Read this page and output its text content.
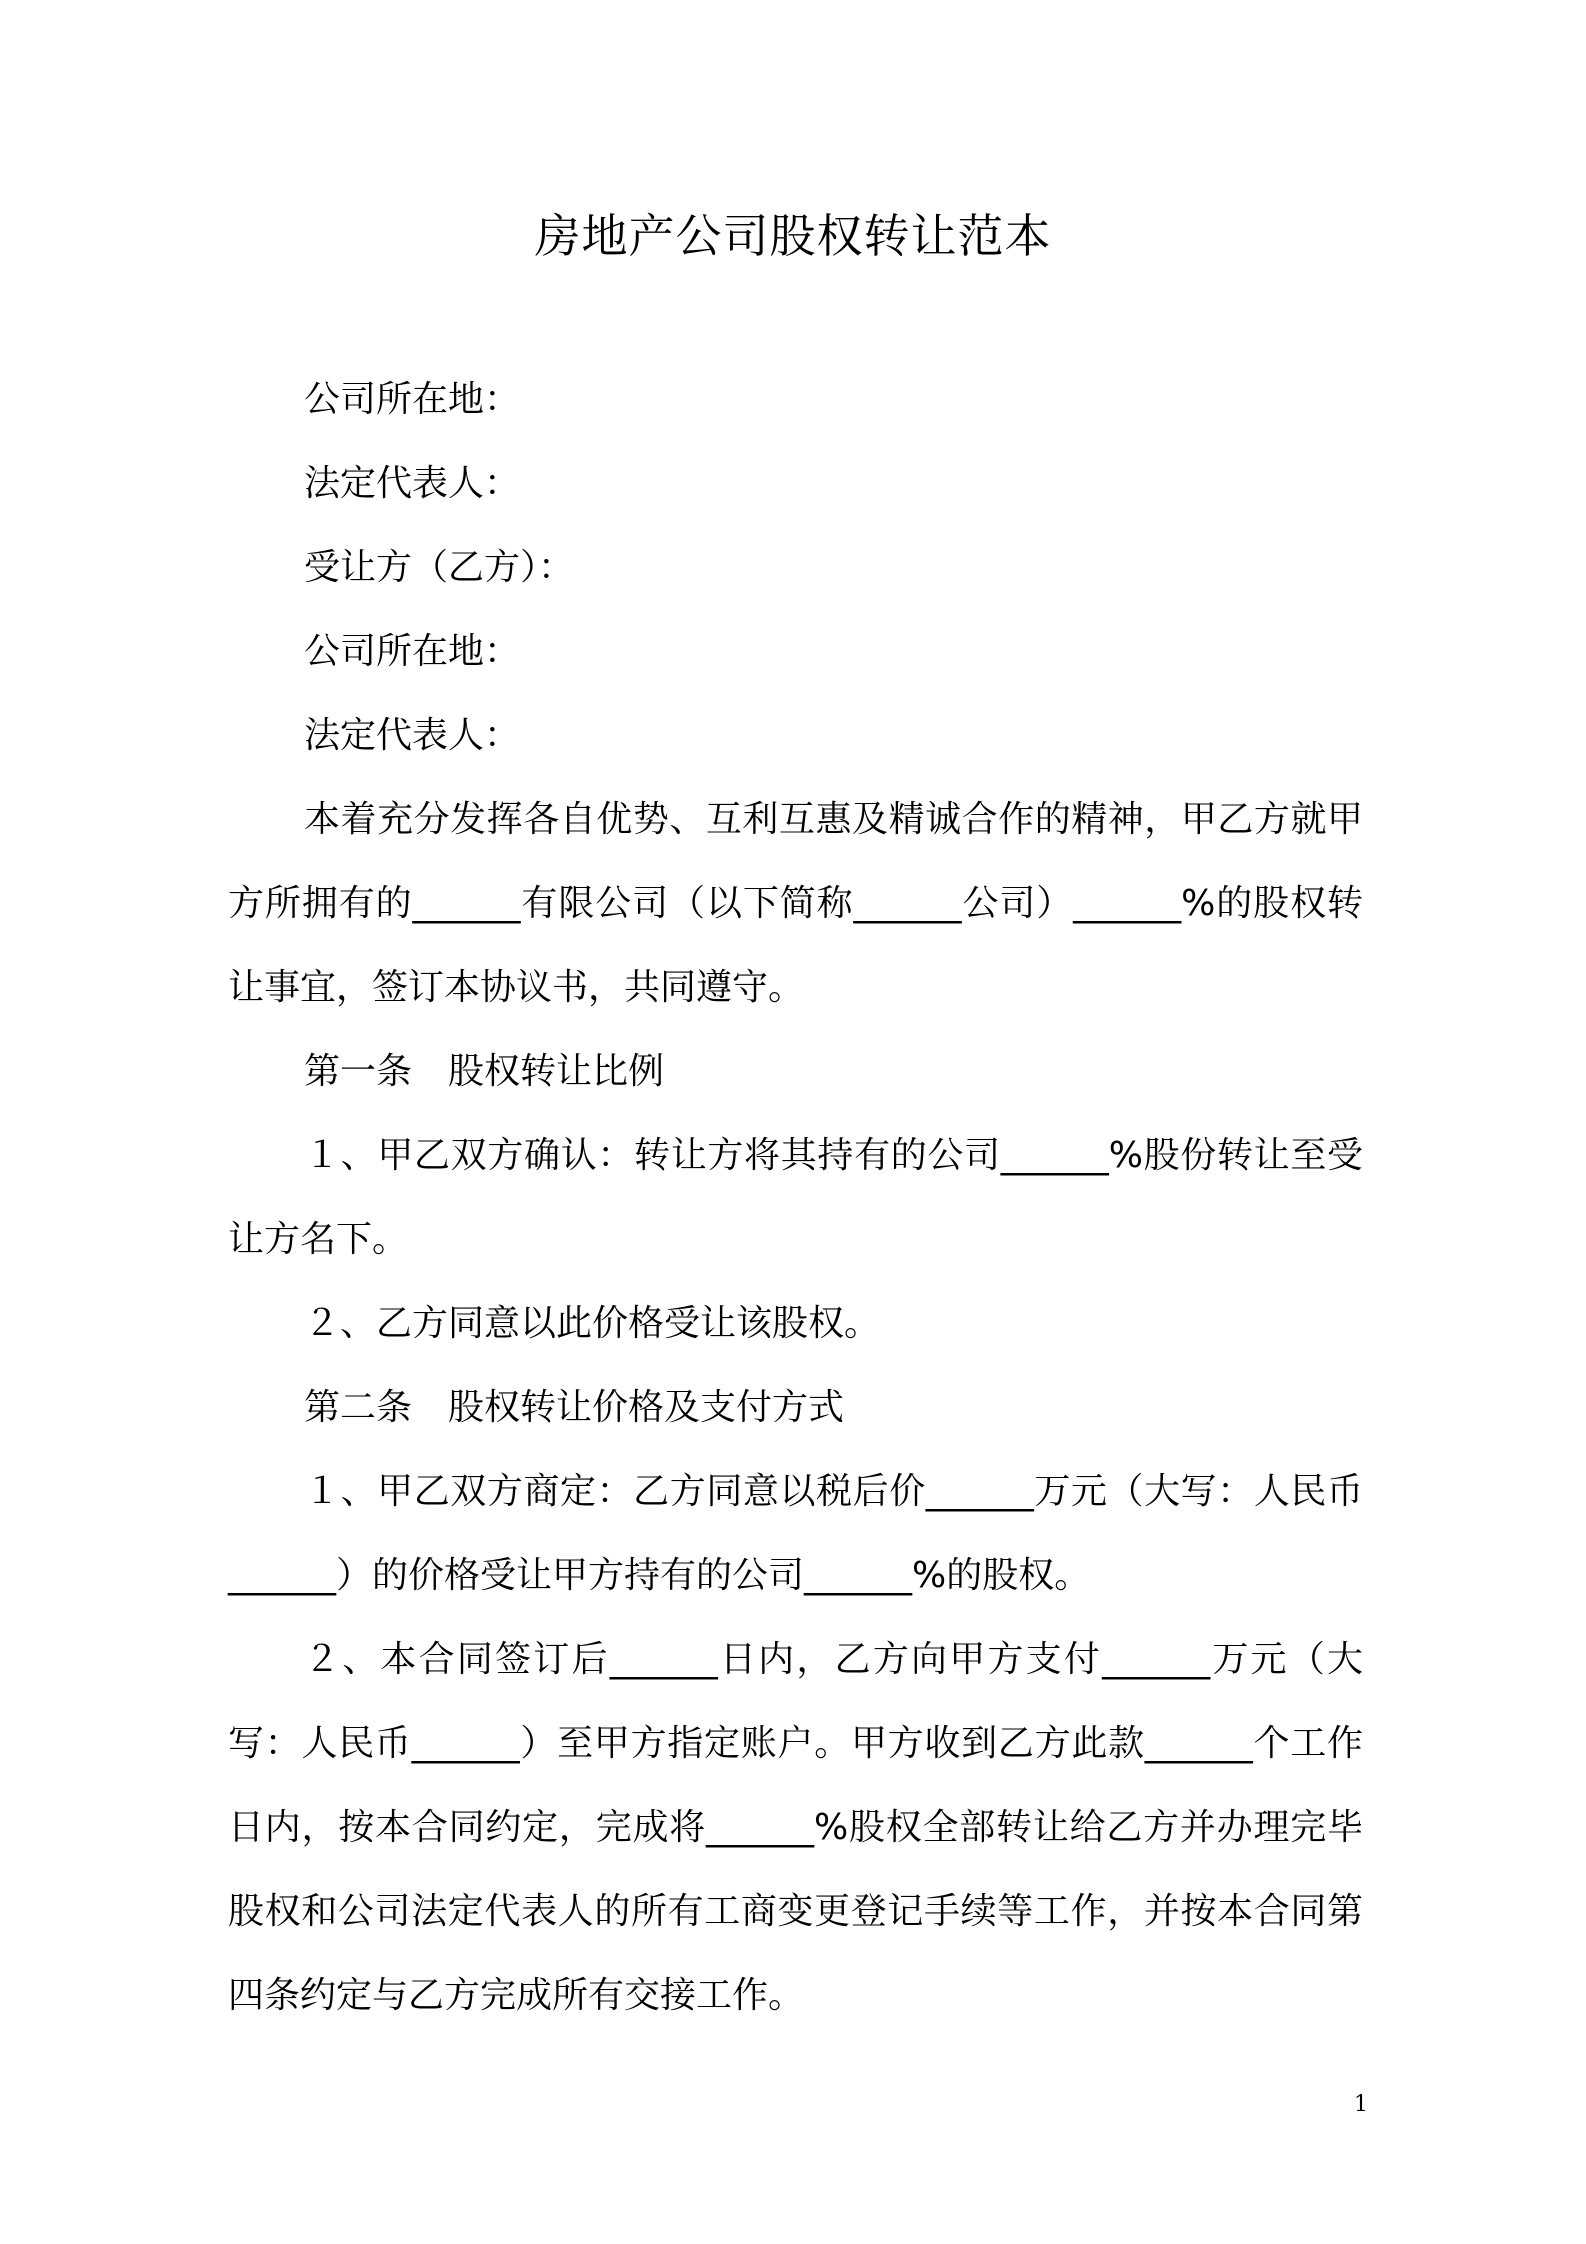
房地产公司股权转让范本

公司所在地：

法定代表人：

受让方（乙方）：

公司所在地：

法定代表人：

本着充分发挥各自优势、互利互惠及精诚合作的精神，甲乙方就甲方所拥有的______有限公司（以下简称______公司）______%的股权转让事宜，签订本协议书，共同遵守。

第一条　股权转让比例

１、甲乙双方确认：转让方将其持有的公司______%股份转让至受让方名下。

２、乙方同意以此价格受让该股权。

第二条　股权转让价格及支付方式

１、甲乙双方商定：乙方同意以税后价______万元（大写：人民币______）的价格受让甲方持有的公司______%的股权。

２、本合同签订后______日内，乙方向甲方支付______万元（大写：人民币______）至甲方指定账户。甲方收到乙方此款______个工作日内，按本合同约定，完成将______%股权全部转让给乙方并办理完毕股权和公司法定代表人的所有工商变更登记手续等工作，并按本合同第四条约定与乙方完成所有交接工作。

1
